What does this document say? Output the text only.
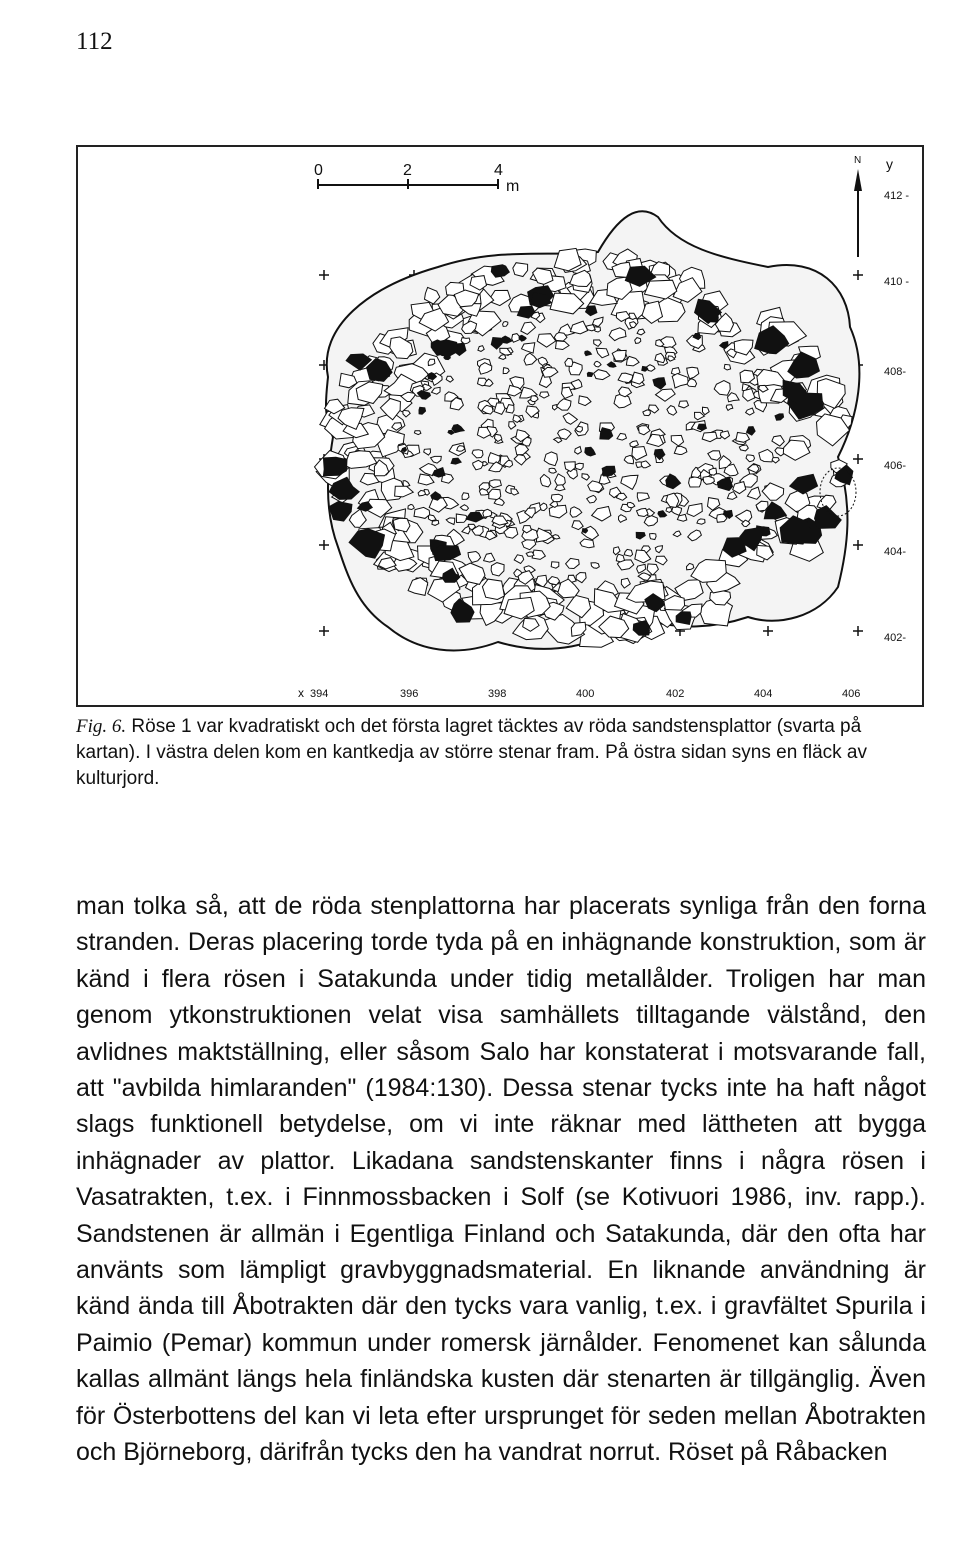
112
0	2	4
m
N y
x
412 -
410 -
408-
406-
404-
402-
394	396	398	400	402	404	406
Fig. 6. Röse 1 var kvadratiskt och det första lagret täcktes av röda sandstensplattor (svarta på kartan). I västra delen kom en kantkedja av större stenar fram. På östra sidan syns en fläck av kulturjord.

man tolka så, att de röda stenplattorna har placerats synliga från den forna stranden. Deras placering torde tyda på en inhägnande konstruktion, som är känd i flera rösen i Satakunda under tidig metallålder. Troligen har man genom ytkonstruktionen velat visa samhällets tilltagande välstånd, den avlidnes maktställning, eller såsom Salo har konstaterat i motsvarande fall, att "avbilda himlaranden" (1984:130). Dessa stenar tycks inte ha haft något slags funktionell betydelse, om vi inte räknar med lättheten att bygga inhägnader av plattor. Likadana sandstenskanter finns i några rösen i Vasatrakten, t.ex. i Finnmossbacken i Solf (se Kotivuori 1986, inv. rapp.). Sandstenen är allmän i Egentliga Finland och Satakunda, där den ofta har använts som lämpligt gravbyggnadsmaterial. En liknande användning är känd ända till Åbotrakten där den tycks vara vanlig, t.ex. i gravfältet Spurila i Paimio (Pemar) kommun under romersk järnålder. Fenomenet kan sålunda kallas allmänt längs hela finländska kusten där stenarten är tillgänglig. Även för Österbottens del kan vi leta efter ursprunget för seden mellan Åbotrakten och Björneborg, därifrån tycks den ha vandrat norrut. Röset på Råbacken
